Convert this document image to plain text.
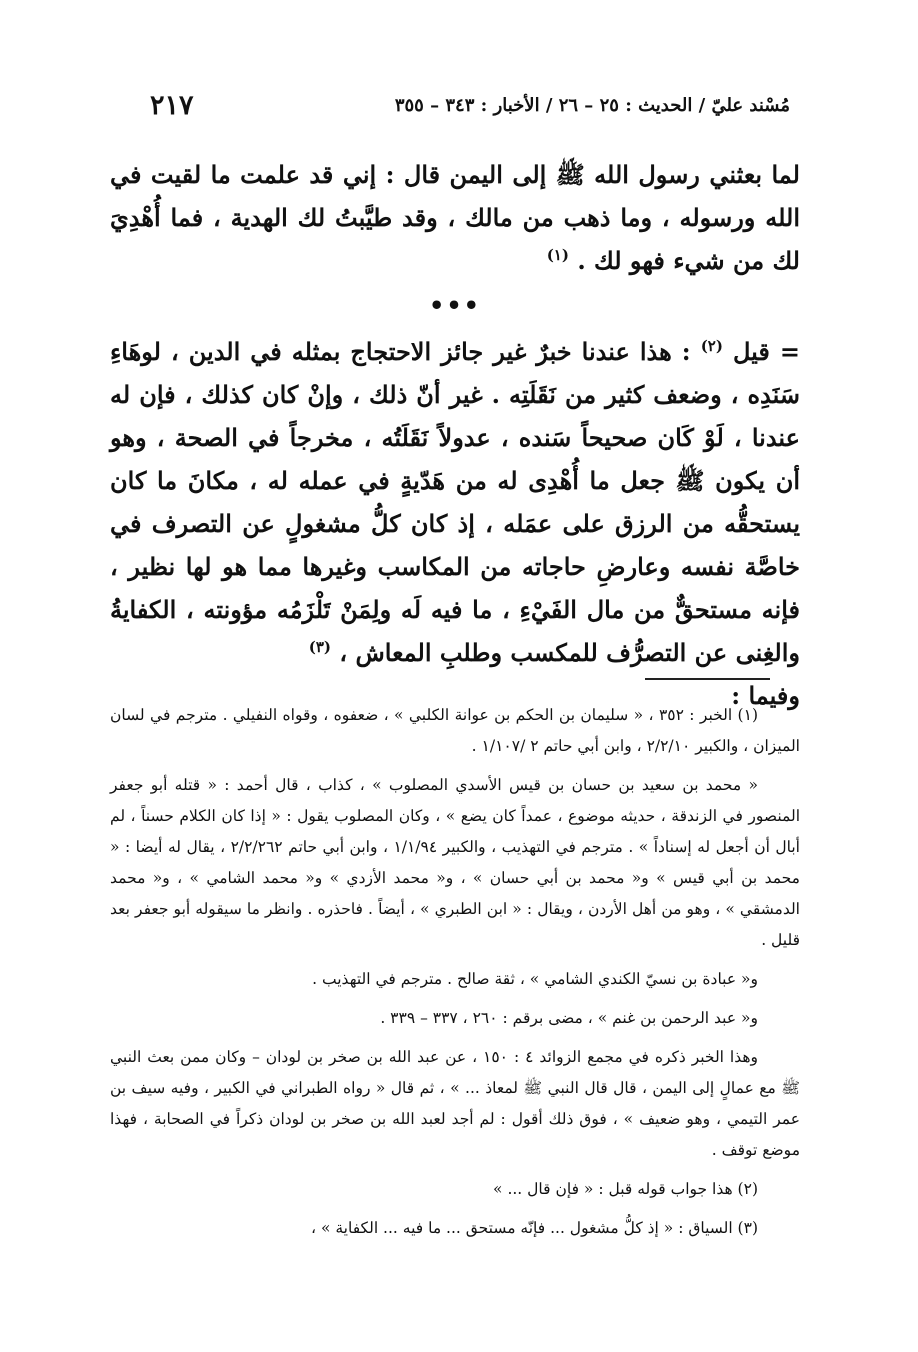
٢١٧	مُسْند عليّ / الحديث : ٢٥ – ٢٦ / الأخبار : ٣٤٣ – ٣٥٥

لما بعثني رسول الله ﷺ إلى اليمن قال : إني قد علمت ما لقيت في الله ورسوله ، وما ذهب من مالك ، وقد طيَّبتُ لك الهدية ، فما أُهْدِيَ لك من شيء فهو لك . $^{(١)}$

•••

= قيل $^{(٢)}$ : هذا عندنا خبرٌ غير جائز الاحتجاج بمثله في الدين ، لوهَاءِ سَنَدِه ، وضعف كثير من نَقَلَتِه . غير أنّ ذلك ، وإنْ كان كذلك ، فإن له عندنا ، لَوْ كَان صحيحاً سَنده ، عدولاً نَقَلَتُه ، مخرجاً في الصحة ، وهو أن يكون ﷺ جعل ما أُهْدِى له من هَدّيةٍ في عمله له ، مكانَ ما كان يستحقُّه من الرزق على عمَله ، إذ كان كلُّ مشغولٍ عن التصرف في خاصَّة نفسه وعارضِ حاجاته من المكاسب وغيرها مما هو لها نظير ، فإنه مستحقٌّ من مال الفَيْءِ ، ما فيه لَه ولِمَنْ تَلْزَمُه مؤونته ، الكفايةُ والغِنى عن التصرُّف للمكسب وطلبِ المعاش ، $^{(٣)}$

وفيما :

(١) الخبر : ٣٥٢ ، « سليمان بن الحكم بن عوانة الكلبي » ، ضعفوه ، وقواه النفيلي . مترجم في لسان الميزان ، والكبير ٢/٢/١٠ ، وابن أبي حاتم ٢ /١/١٠٧ .

« محمد بن سعيد بن حسان بن قيس الأسدي المصلوب » ، كذاب ، قال أحمد : « قتله أبو جعفر المنصور في الزندقة ، حديثه موضوع ، عمداً كان يضع » ، وكان المصلوب يقول : « إذا كان الكلام حسناً ، لم أبال أن أجعل له إسناداً » . مترجم في التهذيب ، والكبير ١/١/٩٤ ، وابن أبي حاتم ٢/٢/٢٦٢ ، يقال له أيضا : « محمد بن أبي قيس » و« محمد بن أبي حسان » ، و« محمد الأزدي » و« محمد الشامي » ، و« محمد الدمشقي » ، وهو من أهل الأردن ، ويقال : « ابن الطبري » ، أيضاً . فاحذره . وانظر ما سيقوله أبو جعفر بعد قليل .

و« عبادة بن نسيّ الكندي الشامي » ، ثقة صالح . مترجم في التهذيب .

و« عبد الرحمن بن غنم » ، مضى برقم : ٢٦٠ ، ٣٣٧ – ٣٣٩ .

وهذا الخبر ذكره في مجمع الزوائد ٤ : ١٥٠ ، عن عبد الله بن صخر بن لودان – وكان ممن بعث النبي ﷺ مع عمالٍ إلى اليمن ، قال قال النبي ﷺ لمعاذ ... » ، ثم قال « رواه الطبراني في الكبير ، وفيه سيف بن عمر التيمي ، وهو ضعيف » ، فوق ذلك أقول : لم أجد لعبد الله بن صخر بن لودان ذكراً في الصحابة ، فهذا موضع توقف .

(٢) هذا جواب قوله قبل : « فإن قال ... »

(٣) السياق : « إذ كلُّ مشغول ... فإنّه مستحق ... ما فيه ... الكفاية » ،
